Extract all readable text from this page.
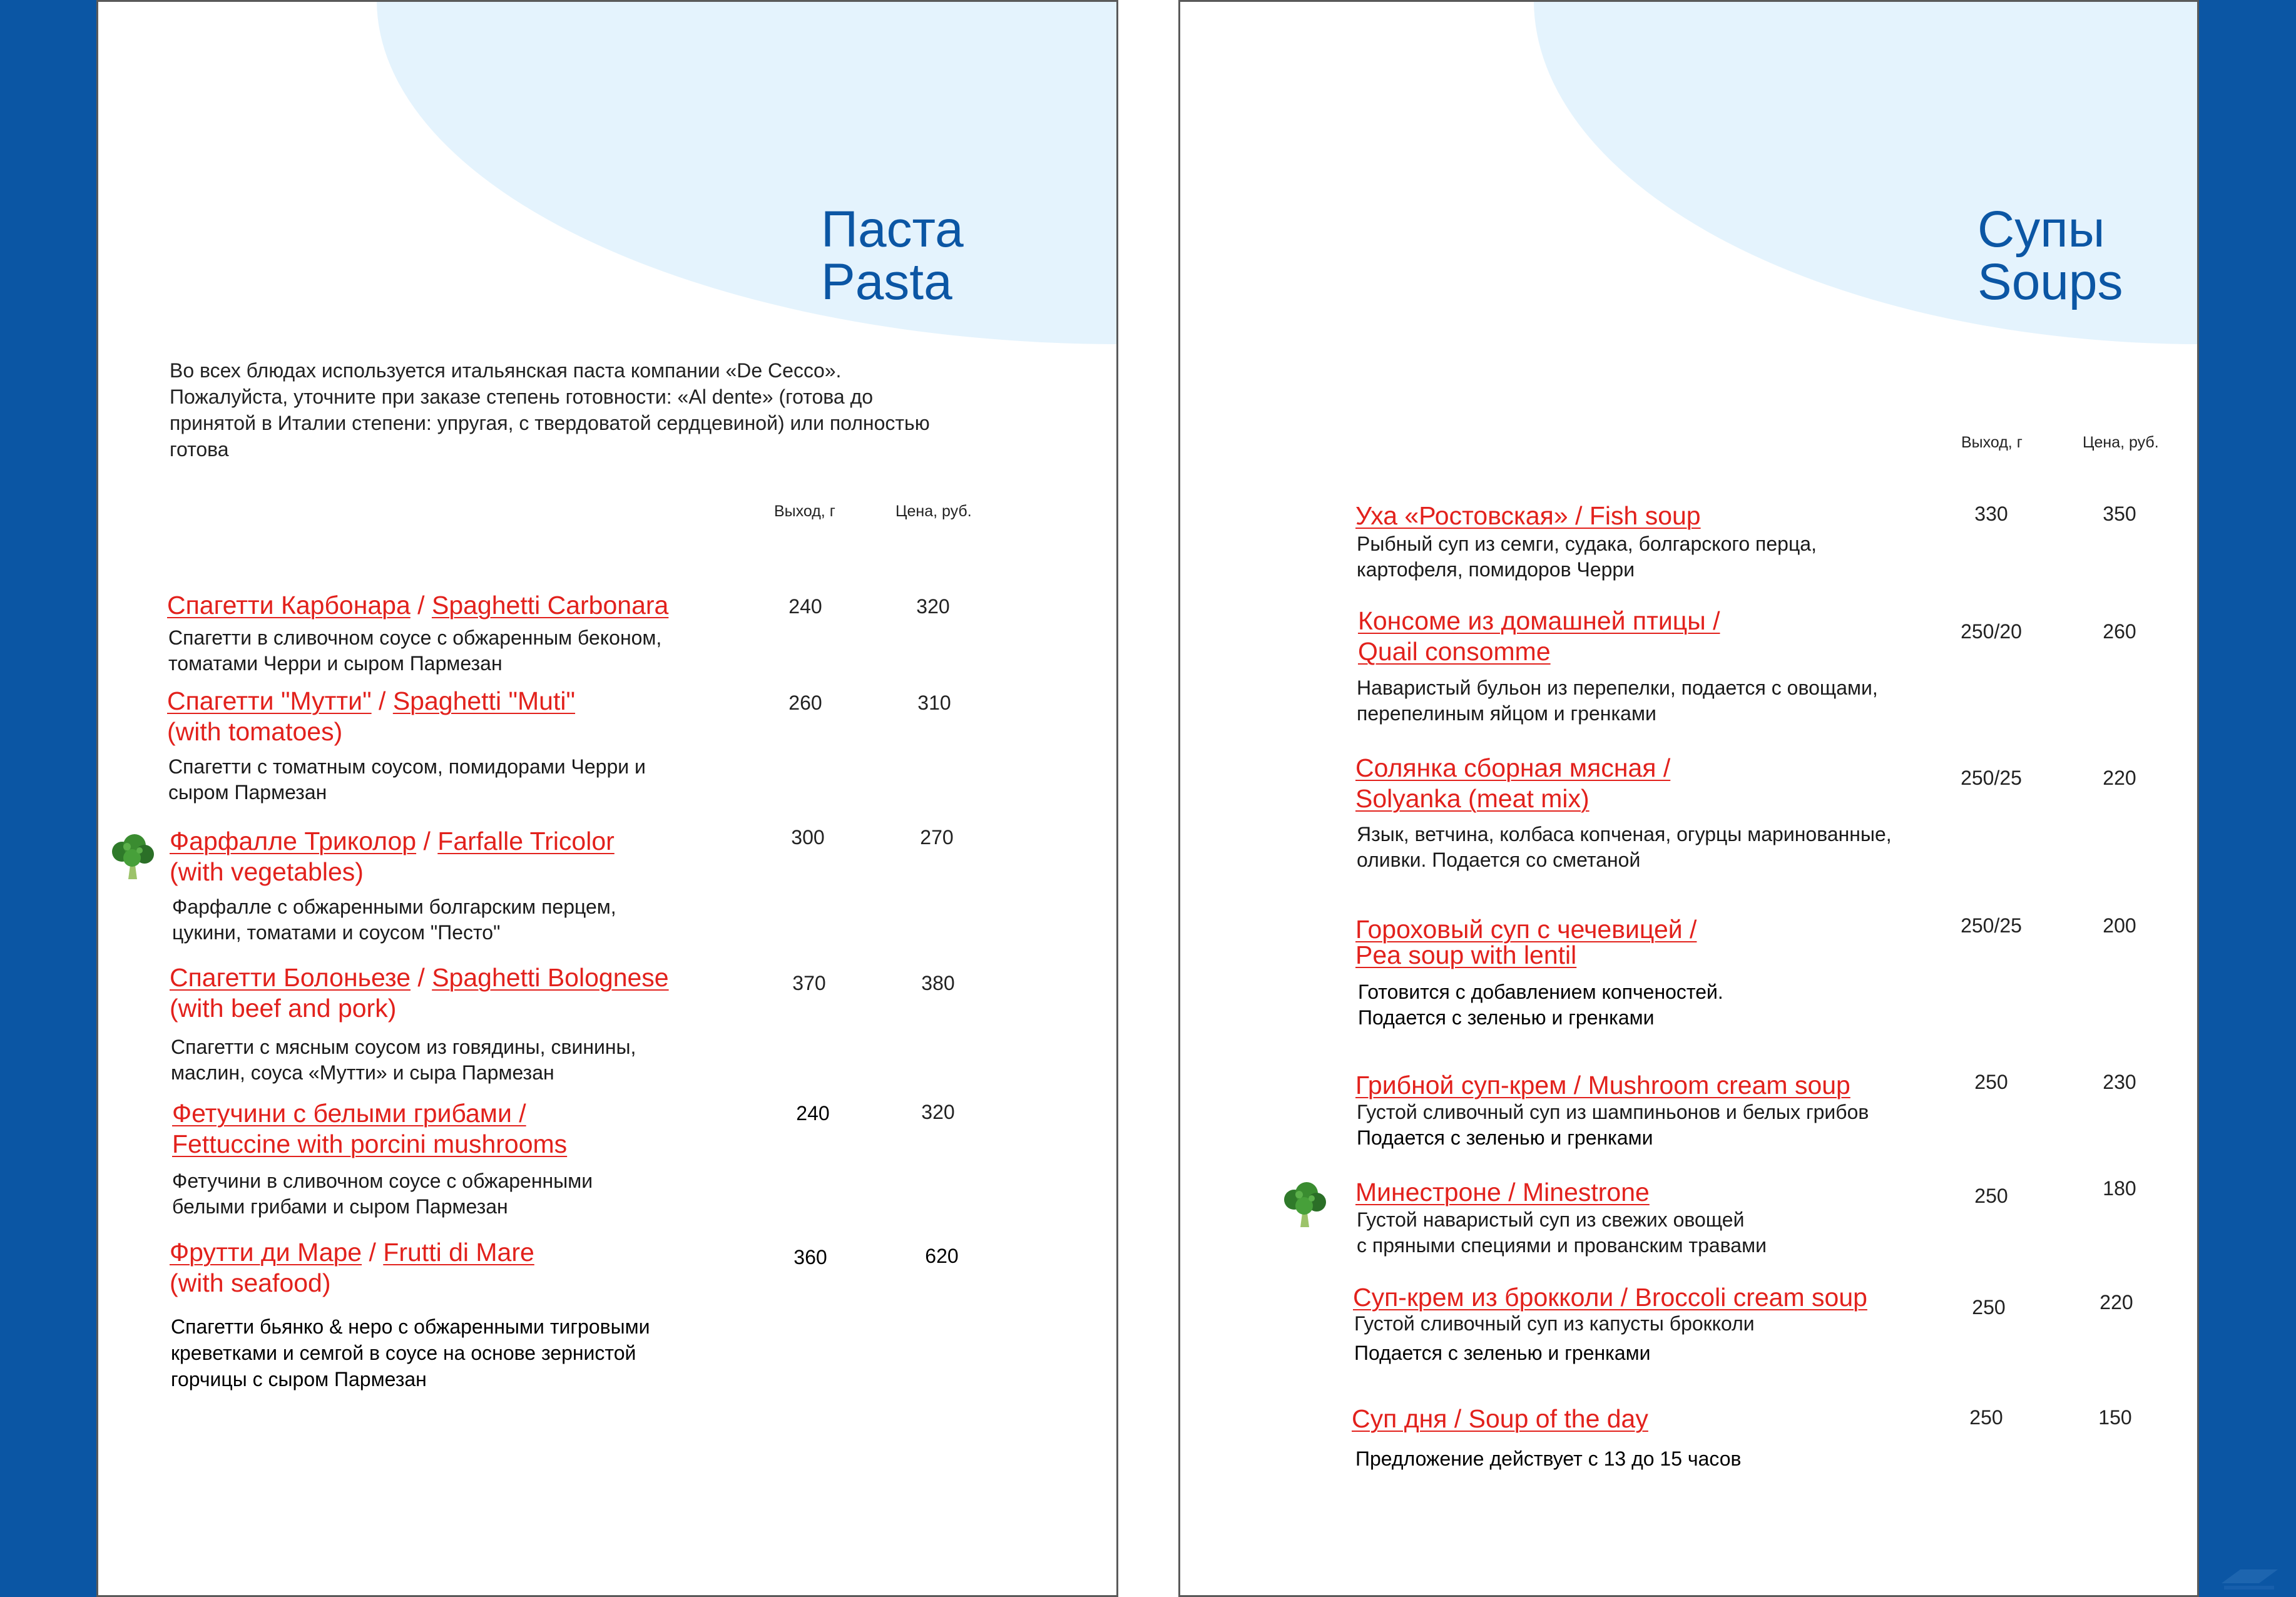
Паста
Pasta
Во всех блюдах используется итальянская паста компании «De Cecco».
Пожалуйста, уточните при заказе степень готовности: «Al dente» (готова до
принятой в Италии степени: упругая, с твердоватой сердцевиной) или полностью
готова
Выход, г	Цена, руб.
Спагетти Карбонара / Spaghetti Carbonara
Спагетти в сливочном соусе с обжаренным беконом,
томатами Черри и сыром Пармезан
240	320
Спагетти "Мутти" / Spaghetti "Muti"
(with tomatoes)
Спагетти с томатным соусом, помидорами Черри и
сыром Пармезан
260	310
Фарфалле Триколор / Farfalle Tricolor
(with vegetables)
Фарфалле с обжаренными болгарским перцем,
цукини, томатами и соусом "Песто"
300	270
Спагетти Болоньезе / Spaghetti Bolognese
(with beef and pork)
Спагетти с мясным соусом из говядины, свинины,
маслин, соуса «Мутти» и сыра Пармезан
370	380
Фетучини с белыми грибами /
Fettuccine with porcini mushrooms
Фетучини в сливочном соусе с обжаренными
белыми грибами и сыром Пармезан
240	320
Фрутти ди Маре / Frutti di Mare
(with seafood)
Спагетти бьянко & неро с обжаренными тигровыми
креветками и семгой в соусе на основе зернистой
горчицы с сыром Пармезан
360	620
Супы
Soups
Выход, г	Цена, руб.
Уха «Ростовская» / Fish soup
Рыбный суп из семги, судака, болгарского перца,
картофеля, помидоров Черри
330	350
Консоме из домашней птицы /
Quail consomme
Наваристый бульон из перепелки, подается с овощами,
перепелиным яйцом и гренками
250/20	260
Солянка сборная мясная /
Solyanka (meat mix)
Язык, ветчина, колбаса копченая, огурцы маринованные,
оливки. Подается со сметаной
250/25	220
Гороховый суп с чечевицей /
Pea soup with lentil
Готовится с добавлением копченостей.
Подается с зеленью и гренками
250/25	200
Грибной суп-крем / Mushroom cream soup
Густой сливочный суп из шампиньонов и белых грибов
Подается с зеленью и гренками
250	230
Минестроне / Minestrone
Густой наваристый суп из свежих овощей
с пряными специями и прованским травами
250	180
Суп-крем из брокколи / Broccoli cream soup
Густой сливочный суп из капусты брокколи
Подается с зеленью и гренками
250	220
Суп дня / Soup of the day
Предложение действует с 13 до 15 часов
250	150
